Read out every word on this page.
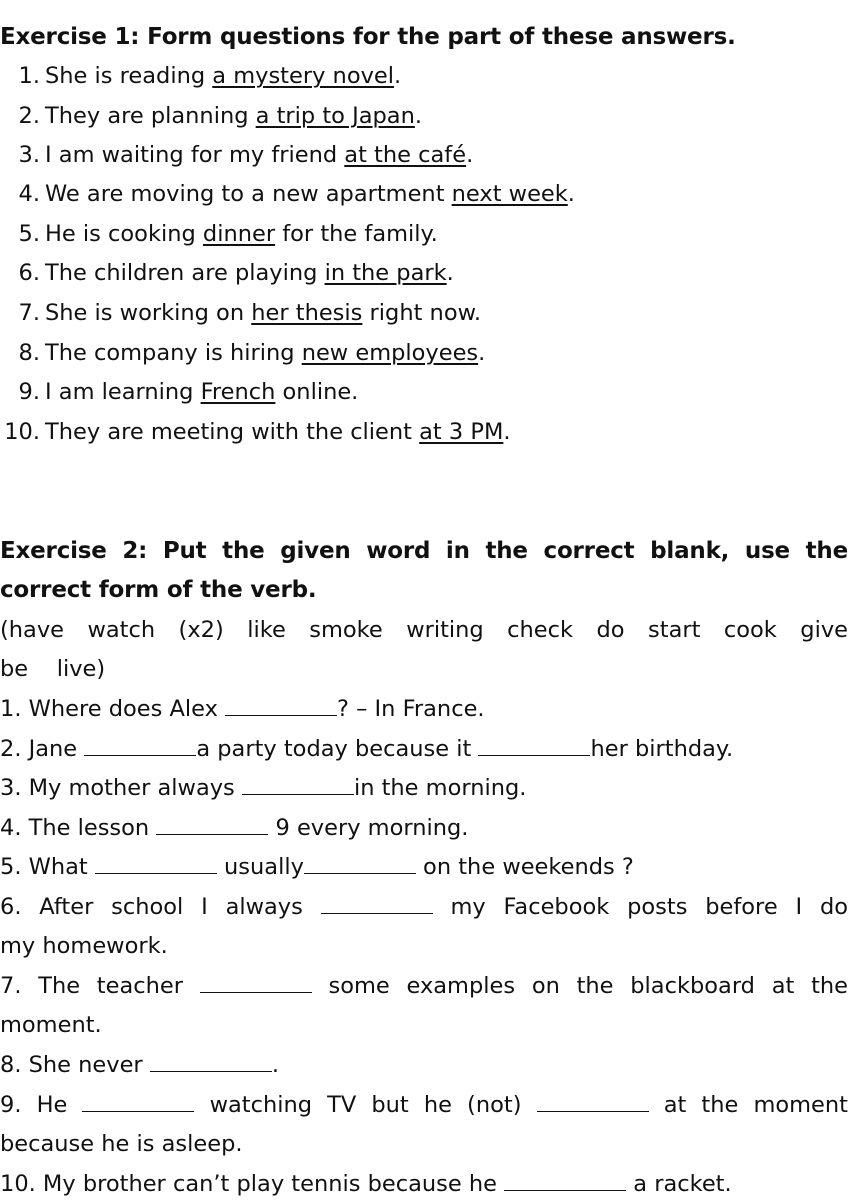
Exercise 1: Form questions for the part of these answers.
1. She is reading a mystery novel.
2. They are planning a trip to Japan.
3. I am waiting for my friend at the café.
4. We are moving to a new apartment next week.
5. He is cooking dinner for the family.
6. The children are playing in the park.
7. She is working on her thesis right now.
8. The company is hiring new employees.
9. I am learning French online.
10. They are meeting with the client at 3 PM.
Exercise 2: Put the given word in the correct blank, use the
correct form of the verb.
(have watch (x2) like smoke writing check do start cook give
be    live)
1. Where does Alex	? – In France.
2. Jane	a party today because it	her birthday.
3. My mother always	in the morning.
4. The lesson	9 every morning.
5. What	usually	on the weekends ?
6. After school I always	my Facebook posts before I do
my homework.
7. The teacher	some examples on the blackboard at the
moment.
8. She never	.
9. He	watching TV but he (not)	at the moment
because he is asleep.
10. My brother can’t play tennis because he	a racket.
